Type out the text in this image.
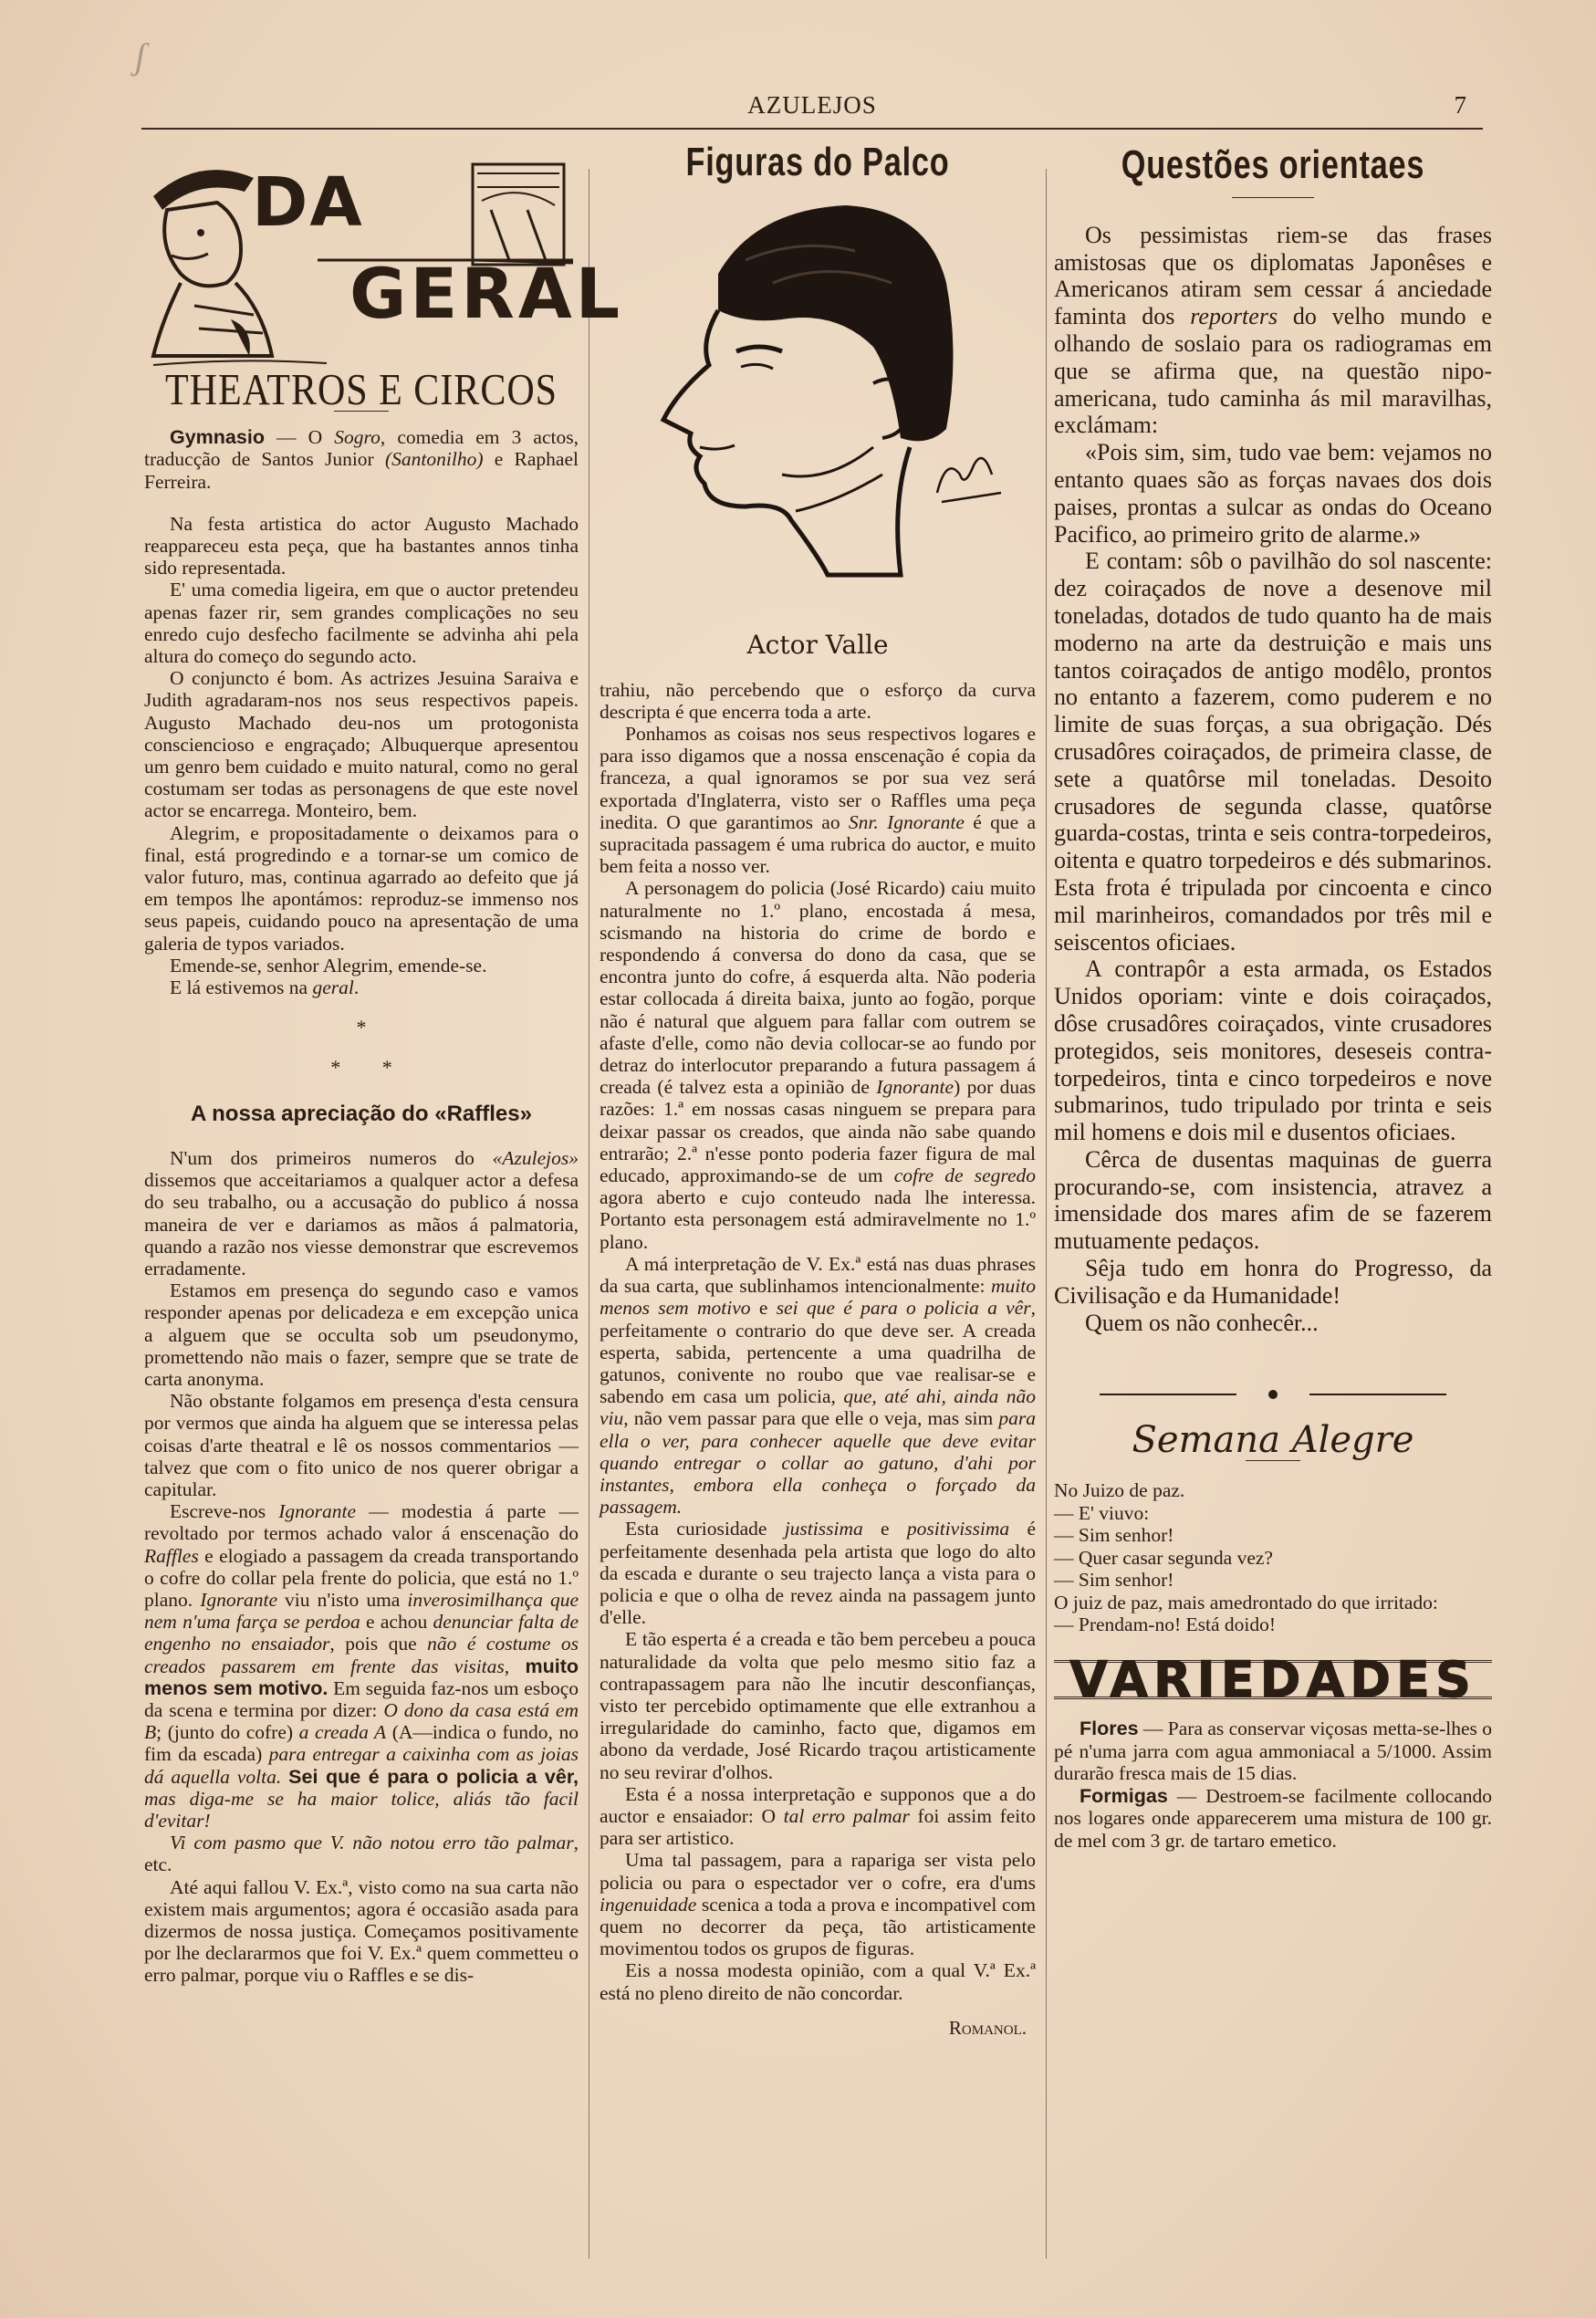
ʃ
AZULEJOS	7
DA
GERAL
THEATROS E CIRCOS

Gymnasio — O Sogro, comedia em 3 actos, traducção de Santos Junior (Santonilho) e Raphael Ferreira.

Na festa artistica do actor Augusto Machado reappareceu esta peça, que ha bastantes annos tinha sido representada.

E' uma comedia ligeira, em que o auctor pretendeu apenas fazer rir, sem grandes complicações no seu enredo cujo desfecho facilmente se advinha ahi pela altura do começo do segundo acto.

O conjuncto é bom. As actrizes Jesuina Saraiva e Judith agradaram-nos nos seus respectivos papeis. Augusto Machado deu-nos um protogonista consciencioso e engraçado; Albuquerque apresentou um genro bem cuidado e muito natural, como no geral costumam ser todas as personagens de que este novel actor se encarrega. Monteiro, bem.

Alegrim, e propositadamente o deixamos para o final, está progredindo e a tornar-se um comico de valor futuro, mas, continua agarrado ao defeito que já em tempos lhe apontámos: reproduz-se immenso nos seus papeis, cuidando pouco na apresentação de uma galeria de typos variados.

Emende-se, senhor Alegrim, emende-se.

E lá estivemos na geral.

*
* *
A nossa apreciação do «Raffles»

N'um dos primeiros numeros do «Azulejos» dissemos que acceitariamos a qualquer actor a defesa do seu trabalho, ou a accusação do publico á nossa maneira de ver e dariamos as mãos á palmatoria, quando a razão nos viesse demonstrar que escrevemos erradamente.

Estamos em presença do segundo caso e vamos responder apenas por delicadeza e em excepção unica a alguem que se occulta sob um pseudonymo, promettendo não mais o fazer, sempre que se trate de carta anonyma.

Não obstante folgamos em presença d'esta censura por vermos que ainda ha alguem que se interessa pelas coisas d'arte theatral e lê os nossos commentarios — talvez que com o fito unico de nos querer obrigar a capitular.

Escreve-nos Ignorante — modestia á parte — revoltado por termos achado valor á enscenação do Raffles e elogiado a passagem da creada transportando o cofre do collar pela frente do policia, que está no 1.º plano. Ignorante viu n'isto uma inverosimilhança que nem n'uma farça se perdoa e achou denunciar falta de engenho no ensaiador, pois que não é costume os creados passarem em frente das visitas, muito menos sem motivo. Em seguida faz-nos um esboço da scena e termina por dizer: O dono da casa está em B; (junto do cofre) a creada A (A—indica o fundo, no fim da escada) para entregar a caixinha com as joias dá aquella volta. Sei que é para o policia a vêr, mas diga-me se ha maior tolice, aliás tão facil d'evitar!

Vi com pasmo que V. não notou erro tão palmar, etc.

Até aqui fallou V. Ex.ª, visto como na sua carta não existem mais argumentos; agora é occasião asada para dizermos de nossa justiça. Começamos positivamente por lhe declararmos que foi V. Ex.ª quem commetteu o erro palmar, porque viu o Raffles e se dis-

Figuras do Palco
Actor Valle

trahiu, não percebendo que o esforço da curva descripta é que encerra toda a arte.

Ponhamos as coisas nos seus respectivos logares e para isso digamos que a nossa enscenação é copia da franceza, a qual ignoramos se por sua vez será exportada d'Inglaterra, visto ser o Raffles uma peça inedita. O que garantimos ao Snr. Ignorante é que a supracitada passagem é uma rubrica do auctor, e muito bem feita a nosso ver.

A personagem do policia (José Ricardo) caiu muito naturalmente no 1.º plano, encostada á mesa, scismando na historia do crime de bordo e respondendo á conversa do dono da casa, que se encontra junto do cofre, á esquerda alta. Não poderia estar collocada á direita baixa, junto ao fogão, porque não é natural que alguem para fallar com outrem se afaste d'elle, como não devia collocar-se ao fundo por detraz do interlocutor preparando a futura passagem á creada (é talvez esta a opinião de Ignorante) por duas razões: 1.ª em nossas casas ninguem se prepara para deixar passar os creados, que ainda não sabe quando entrarão; 2.ª n'esse ponto poderia fazer figura de mal educado, approximando-se de um cofre de segredo agora aberto e cujo conteudo nada lhe interessa. Portanto esta personagem está admiravelmente no 1.º plano.

A má interpretação de V. Ex.ª está nas duas phrases da sua carta, que sublinhamos intencionalmente: muito menos sem motivo e sei que é para o policia a vêr, perfeitamente o contrario do que deve ser. A creada esperta, sabida, pertencente a uma quadrilha de gatunos, conivente no roubo que vae realisar-se e sabendo em casa um policia, que, até ahi, ainda não viu, não vem passar para que elle o veja, mas sim para ella o ver, para conhecer aquelle que deve evitar quando entregar o collar ao gatuno, d'ahi por instantes, embora ella conheça o forçado da passagem.

Esta curiosidade justissima e positivissima é perfeitamente desenhada pela artista que logo do alto da escada e durante o seu trajecto lança a vista para o policia e que o olha de revez ainda na passagem junto d'elle.

E tão esperta é a creada e tão bem percebeu a pouca naturalidade da volta que pelo mesmo sitio faz a contrapassagem para não lhe incutir desconfianças, visto ter percebido optimamente que elle extranhou a irregularidade do caminho, facto que, digamos em abono da verdade, José Ricardo traçou artisticamente no seu revirar d'olhos.

Esta é a nossa interpretação e supponos que a do auctor e ensaiador: O tal erro palmar foi assim feito para ser artistico.

Uma tal passagem, para a rapariga ser vista pelo policia ou para o espectador ver o cofre, era d'ums ingenuidade scenica a toda a prova e incompativel com quem no decorrer da peça, tão artisticamente movimentou todos os grupos de figuras.

Eis a nossa modesta opinião, com a qual V.ª Ex.ª está no pleno direito de não concordar.

Romanol.
Questões orientaes

Os pessimistas riem-se das frases amistosas que os diplomatas Japonêses e Americanos atiram sem cessar á anciedade faminta dos reporters do velho mundo e olhando de soslaio para os radiogramas em que se afirma que, na questão nipo-americana, tudo caminha ás mil maravilhas, exclámam:

«Pois sim, sim, tudo vae bem: vejamos no entanto quaes são as forças navaes dos dois paises, prontas a sulcar as ondas do Oceano Pacifico, ao primeiro grito de alarme.»

E contam: sôb o pavilhão do sol nascente: dez coiraçados de nove a desenove mil toneladas, dotados de tudo quanto ha de mais moderno na arte da destruição e mais uns tantos coiraçados de antigo modêlo, prontos no entanto a fazerem, como puderem e no limite de suas forças, a sua obrigação. Dés crusadôres coiraçados, de primeira classe, de sete a quatôrse mil toneladas. Desoito crusadores de segunda classe, quatôrse guarda-costas, trinta e seis contra-torpedeiros, oitenta e quatro torpedeiros e dés submarinos. Esta frota é tripulada por cincoenta e cinco mil marinheiros, comandados por três mil e seiscentos oficiaes.

A contrapôr a esta armada, os Estados Unidos oporiam: vinte e dois coiraçados, dôse crusadôres coiraçados, vinte crusadores protegidos, seis monitores, deseseis contra-torpedeiros, tinta e cinco torpedeiros e nove submarinos, tudo tripulado por trinta e seis mil homens e dois mil e dusentos oficiaes.

Cêrca de dusentas maquinas de guerra procurando-se, com insistencia, atravez a imensidade dos mares afim de se fazerem mutuamente pedaços.

Sêja tudo em honra do Progresso, da Civilisação e da Humanidade!

Quem os não conhecêr...

Semana Alegre

No Juizo de paz.

— E' viuvo:

— Sim senhor!

— Quer casar segunda vez?

— Sim senhor!

O juiz de paz, mais amedrontado do que irritado:

— Prendam-no! Está doido!

VARIEDADES

Flores — Para as conservar viçosas metta-se-lhes o pé n'uma jarra com agua ammoniacal a 5/1000. Assim durarão fresca mais de 15 dias.

Formigas — Destroem-se facilmente collocando nos logares onde apparecerem uma mistura de 100 gr. de mel com 3 gr. de tartaro emetico.
